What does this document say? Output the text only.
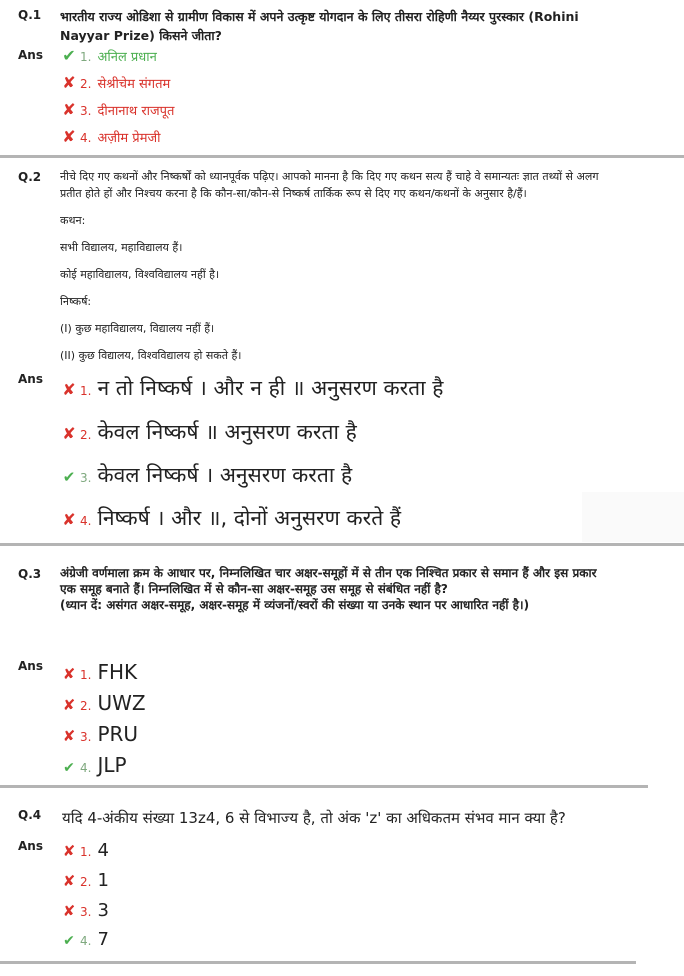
Q.1 भारतीय राज्य ओडिशा से ग्रामीण विकास में अपने उत्कृष्ट योगदान के लिए तीसरा रोहिणी नैय्यर पुरस्कार (Rohini Nayyar Prize) किसने जीता?
Ans ✔ 1. अनिल प्रधान
✘ 2. सेश्रीचेम संगतम
✘ 3. दीनानाथ राजपूत
✘ 4. अज़ीम प्रेमजी
Q.2 नीचे दिए गए कथनों और निष्कर्षों को ध्यानपूर्वक पढ़िए। आपको मानना है कि दिए गए कथन सत्य हैं चाहे वे समान्यतः ज्ञात तथ्यों से अलग प्रतीत होते हों और निश्चय करना है कि कौन-सा/कौन-से निष्कर्ष तार्किक रूप से दिए गए कथन/कथनों के अनुसार है/हैं।

कथन:

सभी विद्यालय, महाविद्यालय हैं।

कोई महाविद्यालय, विश्वविद्यालय नहीं है।

निष्कर्ष:

(I) कुछ महाविद्यालय, विद्यालय नहीं हैं।

(II) कुछ विद्यालय, विश्वविद्यालय हो सकते हैं।

Ans
✘ 1. न तो निष्कर्ष । और न ही ॥ अनुसरण करता है
✘ 2. केवल निष्कर्ष ॥ अनुसरण करता है
✔ 3. केवल निष्कर्ष । अनुसरण करता है
✘ 4. निष्कर्ष । और ॥, दोनों अनुसरण करते हैं
Q.3 अंग्रेजी वर्णमाला क्रम के आधार पर, निम्नलिखित चार अक्षर-समूहों में से तीन एक निश्चित प्रकार से समान हैं और इस प्रकार एक समूह बनाते हैं। निम्नलिखित में से कौन-सा अक्षर-समूह उस समूह से संबंधित नहीं है?
(ध्यान दें: असंगत अक्षर-समूह, अक्षर-समूह में व्यंजनों/स्वरों की संख्या या उनके स्थान पर आधारित नहीं है।)
Ans ✘ 1. FHK
✘ 2. UWZ
✘ 3. PRU
✔ 4. JLP
Q.4 यदि 4-अंकीय संख्या 13z4, 6 से विभाज्य है, तो अंक 'z' का अधिकतम संभव मान क्या है?
Ans ✘ 1. 4
✘ 2. 1
✘ 3. 3
✔ 4. 7
